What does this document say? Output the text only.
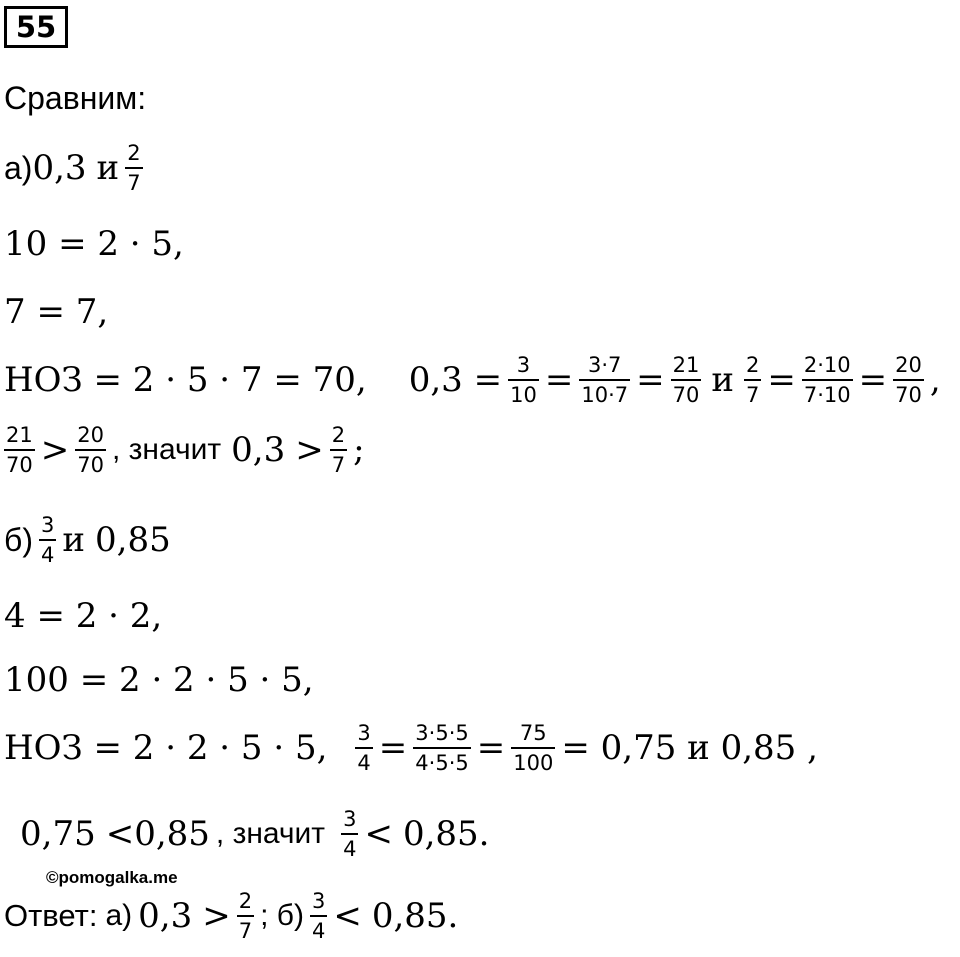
55
Сравним:
а) 0,3 и $\frac{2}{7}$
10 = 2 · 5,
7 = 7,
НОЗ = 2 · 5 · 7 = 70, $0,3 = \frac{3}{10} = \frac{3\cdot 7}{10\cdot 7} = \frac{21}{70}$ и $\frac{2}{7} = \frac{2\cdot 10}{7\cdot 10} = \frac{20}{70}$ ,
$\frac{21}{70} > \frac{20}{70}$ , значит $0,3 > \frac{2}{7}$ ;
$б) \frac{3}{4}$ и 0,85
4 = 2 · 2,
100 = 2 · 2 · 5 · 5,
НОЗ = 2 · 2 · 5 · 5, $\frac{3}{4} = \frac{3\cdot 5\cdot 5}{4\cdot 5\cdot 5} = \frac{75}{100} = 0,75$ и 0,85 ,
0,75 < 0,85 , значит $\frac{3}{4} < 0,85$.
©pomogalka.me
Ответ: а) $0,3 > \frac{2}{7}$ ; $б) \frac{3}{4} < 0,85$.
